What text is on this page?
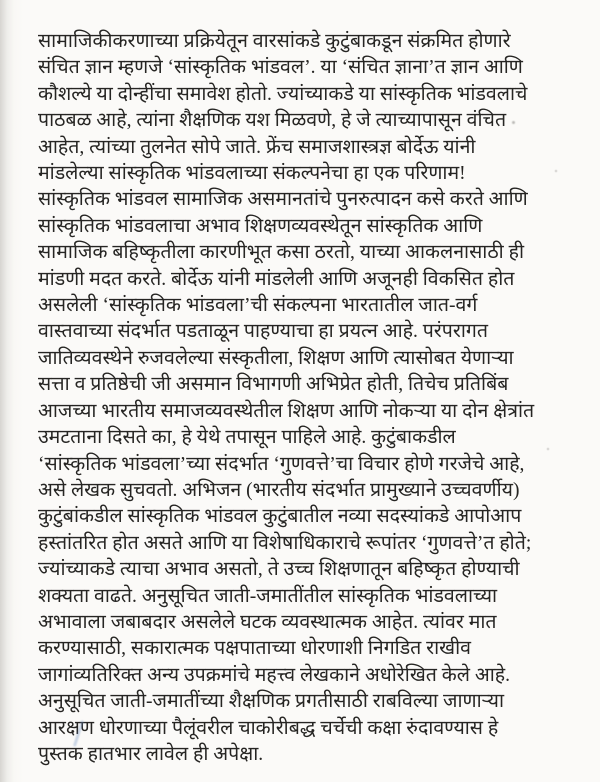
सामाजिकीकरणाच्या प्रक्रियेतून वारसांकडे कुटुंबाकडून संक्रमित होणारे
संचित ज्ञान म्हणजे ‘सांस्कृतिक भांडवल’. या ‘संचित ज्ञाना’त ज्ञान आणि
कौशल्ये या दोन्हींचा समावेश होतो. ज्यांच्याकडे या सांस्कृतिक भांडवलाचे
पाठबळ आहे, त्यांना शैक्षणिक यश मिळवणे, हे जे त्याच्यापासून वंचित
आहेत, त्यांच्या तुलनेत सोपे जाते. फ्रेंच समाजशास्त्रज्ञ बोर्देऊ यांनी
मांडलेल्या सांस्कृतिक भांडवलाच्या संकल्पनेचा हा एक परिणाम!
सांस्कृतिक भांडवल सामाजिक असमानतांचे पुनरुत्पादन कसे करते आणि
सांस्कृतिक भांडवलाचा अभाव शिक्षणव्यवस्थेतून सांस्कृतिक आणि
सामाजिक बहिष्कृतीला कारणीभूत कसा ठरतो, याच्या आकलनासाठी ही
मांडणी मदत करते. बोर्देऊ यांनी मांडलेली आणि अजूनही विकसित होत
असलेली ‘सांस्कृतिक भांडवला’ची संकल्पना भारतातील जात-वर्ग
वास्तवाच्या संदर्भात पडताळून पाहण्याचा हा प्रयत्न आहे. परंपरागत
जातिव्यवस्थेने रुजवलेल्या संस्कृतीला, शिक्षण आणि त्यासोबत येणाऱ्या
सत्ता व प्रतिष्ठेची जी असमान विभागणी अभिप्रेत होती, तिचेच प्रतिबिंब
आजच्या भारतीय समाजव्यवस्थेतील शिक्षण आणि नोकऱ्या या दोन क्षेत्रांत
उमटताना दिसते का, हे येथे तपासून पाहिले आहे. कुटुंबाकडील
‘सांस्कृतिक भांडवला’च्या संदर्भात ‘गुणवत्ते’चा विचार होणे गरजेचे आहे,
असे लेखक सुचवतो. अभिजन (भारतीय संदर्भात प्रामुख्याने उच्चवर्णीय)
कुटुंबांकडील सांस्कृतिक भांडवल कुटुंबातील नव्या सदस्यांकडे आपोआप
हस्तांतरित होत असते आणि या विशेषाधिकाराचे रूपांतर ‘गुणवत्ते’त होते;
ज्यांच्याकडे त्याचा अभाव असतो, ते उच्च शिक्षणातून बहिष्कृत होण्याची
शक्यता वाढते. अनुसूचित जाती-जमातींतील सांस्कृतिक भांडवलाच्या
अभावाला जबाबदार असलेले घटक व्यवस्थात्मक आहेत. त्यांवर मात
करण्यासाठी, सकारात्मक पक्षपाताच्या धोरणाशी निगडित राखीव
जागांव्यतिरिक्त अन्य उपक्रमांचे महत्त्व लेखकाने अधोरेखित केले आहे.
अनुसूचित जाती-जमातींच्या शैक्षणिक प्रगतीसाठी राबविल्या जाणाऱ्या
आरक्षण धोरणाच्या पैलूंवरील चाकोरीबद्ध चर्चेची कक्षा रुंदावण्यास हे
पुस्तक हातभार लावेल ही अपेक्षा.
